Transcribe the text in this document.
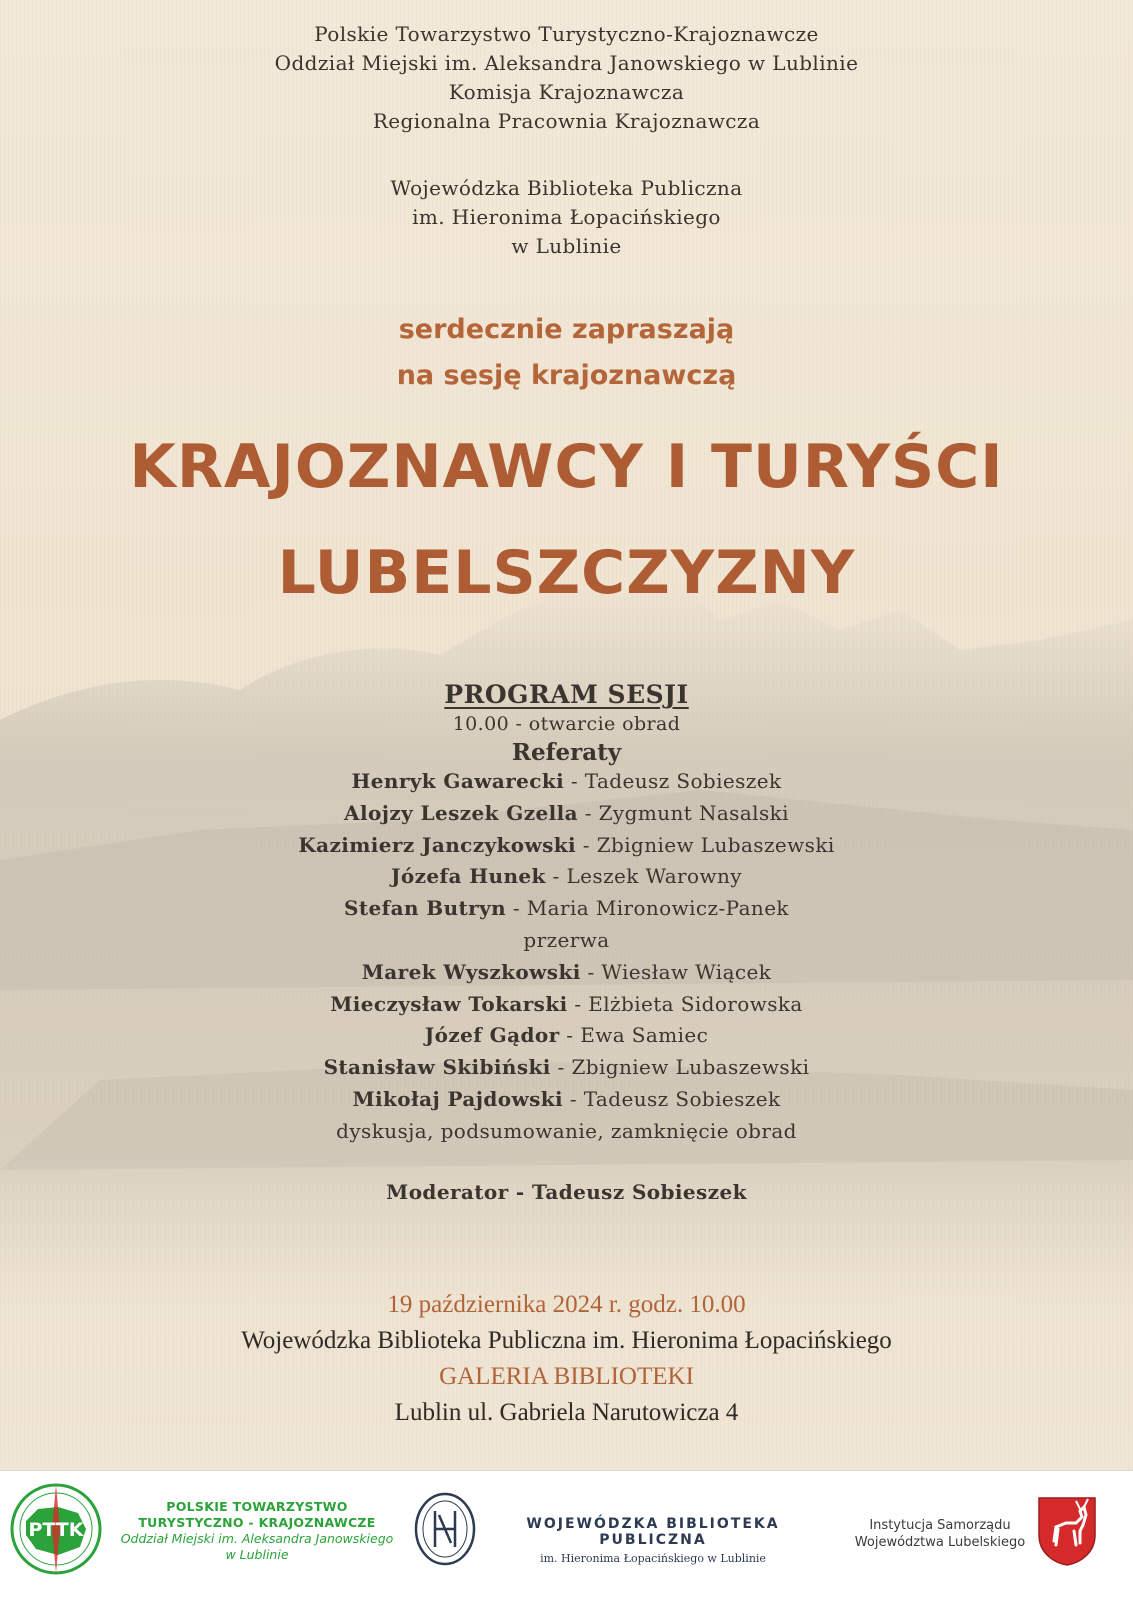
Polskie Towarzystwo Turystyczno-Krajoznawcze
Oddział Miejski im. Aleksandra Janowskiego w Lublinie
Komisja Krajoznawcza
Regionalna Pracownia Krajoznawcza
Wojewódzka Biblioteka Publiczna
im. Hieronima Łopacińskiego
w Lublinie
serdecznie zapraszają
na sesję krajoznawczą
KRAJOZNAWCY I TURYŚCI
LUBELSZCZYZNY
PROGRAM SESJI
10.00 - otwarcie obrad
Referaty
Henryk Gawarecki - Tadeusz Sobieszek
Alojzy Leszek Gzella - Zygmunt Nasalski
Kazimierz Janczykowski - Zbigniew Lubaszewski
Józefa Hunek - Leszek Warowny
Stefan Butryn - Maria Mironowicz-Panek
przerwa
Marek Wyszkowski - Wiesław Wiącek
Mieczysław Tokarski - Elżbieta Sidorowska
Józef Gądor - Ewa Samiec
Stanisław Skibiński - Zbigniew Lubaszewski
Mikołaj Pajdowski - Tadeusz Sobieszek
dyskusja, podsumowanie, zamknięcie obrad
Moderator - Tadeusz Sobieszek
19 października 2024 r. godz. 10.00
Wojewódzka Biblioteka Publiczna im. Hieronima Łopacińskiego
GALERIA BIBLIOTEKI
Lublin ul. Gabriela Narutowicza 4
PTTK
POLSKIE TOWARZYSTWO
TURYSTYCZNO - KRAJOZNAWCZE
Oddział Miejski im. Aleksandra Janowskiego
w Lublinie
WOJEWÓDZKA BIBLIOTEKA PUBLICZNA
im. Hieronima Łopacińskiego w Lublinie
Instytucja Samorządu
Województwa Lubelskiego
